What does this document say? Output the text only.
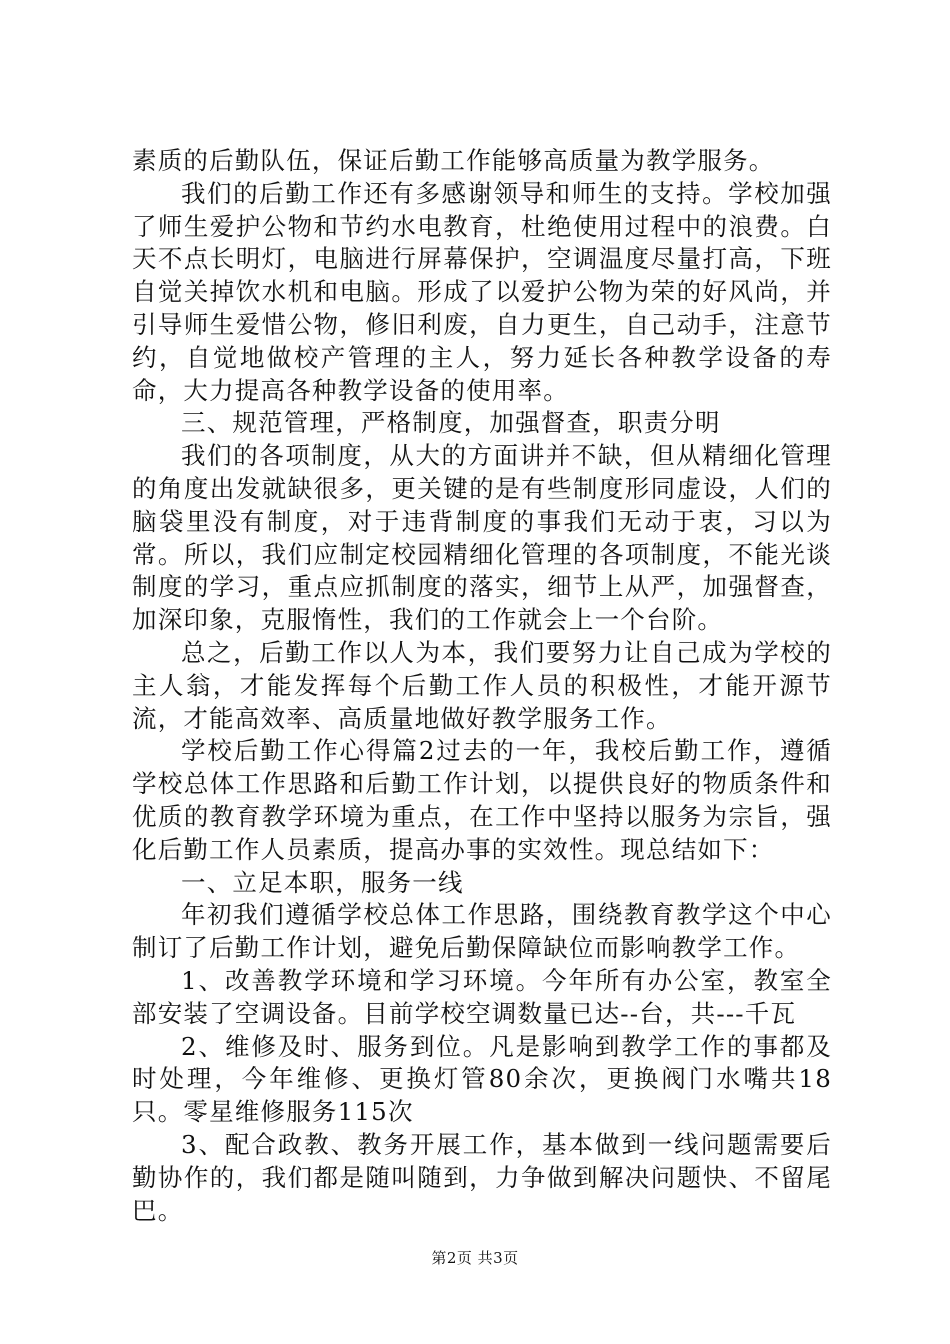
素质的后勤队伍，保证后勤工作能够高质量为教学服务。

我们的后勤工作还有多感谢领导和师生的支持。学校加强了师生爱护公物和节约水电教育，杜绝使用过程中的浪费。白天不点长明灯，电脑进行屏幕保护，空调温度尽量打高，下班自觉关掉饮水机和电脑。形成了以爱护公物为荣的好风尚，并引导师生爱惜公物，修旧利废，自力更生，自己动手，注意节约，自觉地做校产管理的主人，努力延长各种教学设备的寿命，大力提高各种教学设备的使用率。

三、规范管理，严格制度，加强督查，职责分明

我们的各项制度，从大的方面讲并不缺，但从精细化管理的角度出发就缺很多，更关键的是有些制度形同虚设，人们的脑袋里没有制度，对于违背制度的事我们无动于衷，习以为常。所以，我们应制定校园精细化管理的各项制度，不能光谈制度的学习，重点应抓制度的落实，细节上从严，加强督查，加深印象，克服惰性，我们的工作就会上一个台阶。

总之，后勤工作以人为本，我们要努力让自己成为学校的主人翁，才能发挥每个后勤工作人员的积极性，才能开源节流，才能高效率、高质量地做好教学服务工作。

学校后勤工作心得篇2过去的一年，我校后勤工作，遵循学校总体工作思路和后勤工作计划，以提供良好的物质条件和优质的教育教学环境为重点，在工作中坚持以服务为宗旨，强化后勤工作人员素质，提高办事的实效性。现总结如下：

一、立足本职，服务一线

年初我们遵循学校总体工作思路，围绕教育教学这个中心制订了后勤工作计划，避免后勤保障缺位而影响教学工作。

1、改善教学环境和学习环境。今年所有办公室，教室全部安装了空调设备。目前学校空调数量已达--台，共---千瓦

2、维修及时、服务到位。凡是影响到教学工作的事都及时处理，今年维修、更换灯管80余次，更换阀门水嘴共18只。零星维修服务115次

3、配合政教、教务开展工作，基本做到一线问题需要后勤协作的，我们都是随叫随到，力争做到解决问题快、不留尾巴。

第2页 共3页
